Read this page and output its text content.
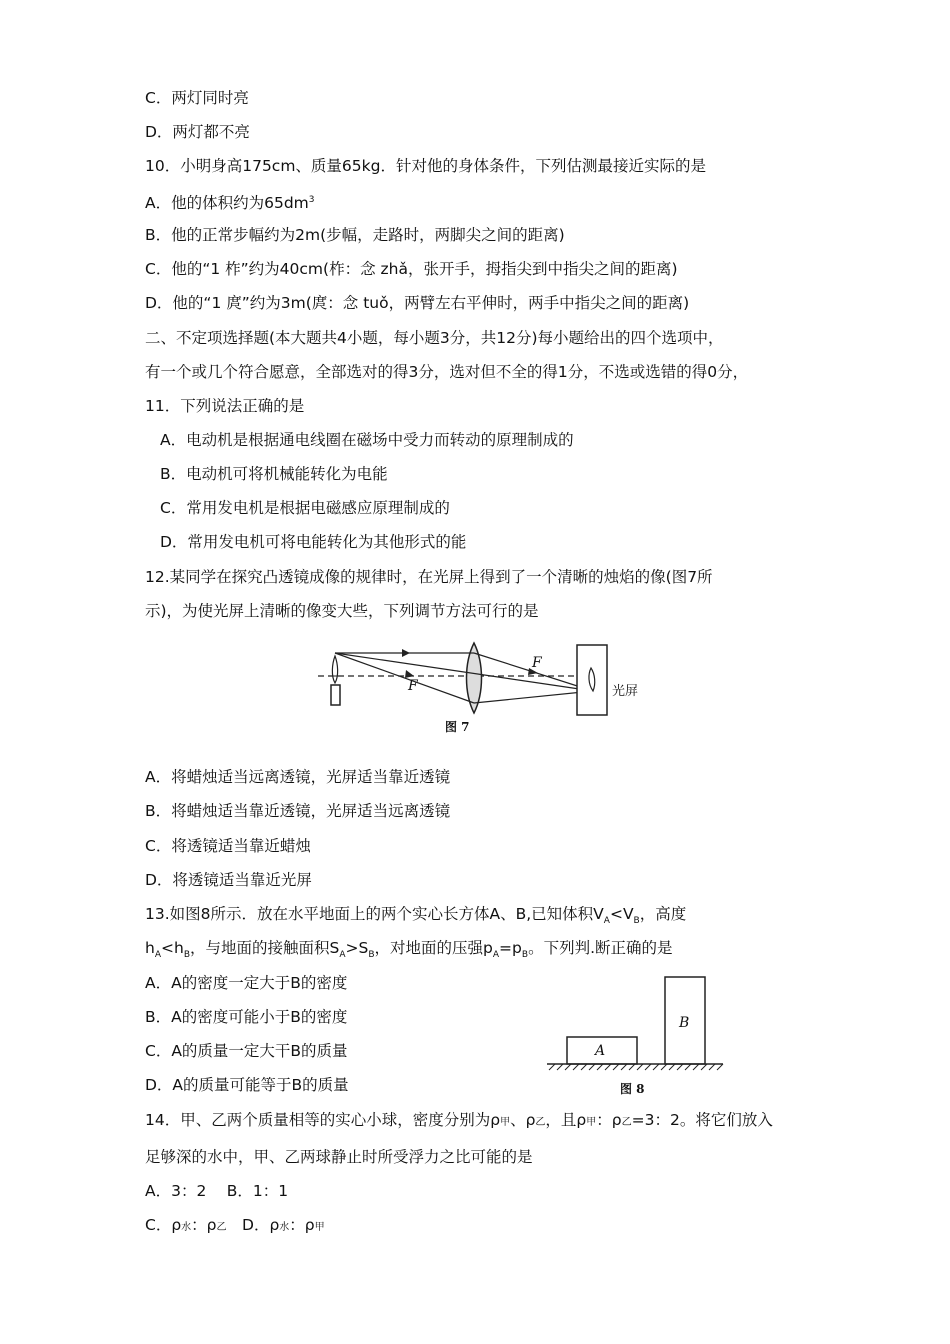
C．两灯同时亮
D．两灯都不亮
10．小明身高175cm、质量65kg．针对他的身体条件，下列估测最接近实际的是
A．他的体积约为$65dm^3$
B．他的正常步幅约为2m(步幅，走路时，两脚尖之间的距离)
C．他的“1 柞”约为40cm(柞：念 zhǎ，张开手，拇指尖到中指尖之间的距离)
D．他的“1 庹”约为3m(庹：念 tuǒ，两臂左右平伸时，两手中指尖之间的距离)
二、不定项选择题(本大题共4小题，每小题3分，共12分)每小题给出的四个选项中，
有一个或几个符合愿意，全部选对的得3分，选对但不全的得1分，不选或选错的得0分，
11．下列说法正确的是
A．电动机是根据通电线圈在磁场中受力而转动的原理制成的
B．电动机可将机械能转化为电能
C．常用发电机是根据电磁感应原理制成的
D．常用发电机可将电能转化为其他形式的能
12.某同学在探究凸透镜成像的规律时，在光屏上得到了一个清晰的烛焰的像(图7所
示)，为使光屏上清晰的像变大些，下列调节方法可行的是
F
F
光屏
图 7
A．将蜡烛适当远离透镜，光屏适当靠近透镜
B．将蜡烛适当靠近透镜，光屏适当远离透镜
C．将透镜适当靠近蜡烛
D．将透镜适当靠近光屏
13.如图8所示．放在水平地面上的两个实心长方体A、B,已知体积$V_A<V_B$，高度
$h_A<h_B$，与地面的接触面积$S_A>S_B$，对地面的压强$p_A=p_B$。下列判.断正确的是
A．A的密度一定大于B的密度
B．A的密度可能小于B的密度
C．A的质量一定大干B的质量
D．A的质量可能等于B的质量
A
B
图 8
14．甲、乙两个质量相等的实心小球，密度分别为ρ甲、ρ乙，且ρ甲：ρ乙=3：2。将它们放入
足够深的水中，甲、乙两球静止时所受浮力之比可能的是
A．3：2　 B．1：1
C．ρ水：ρ乙　D．ρ水：ρ甲
